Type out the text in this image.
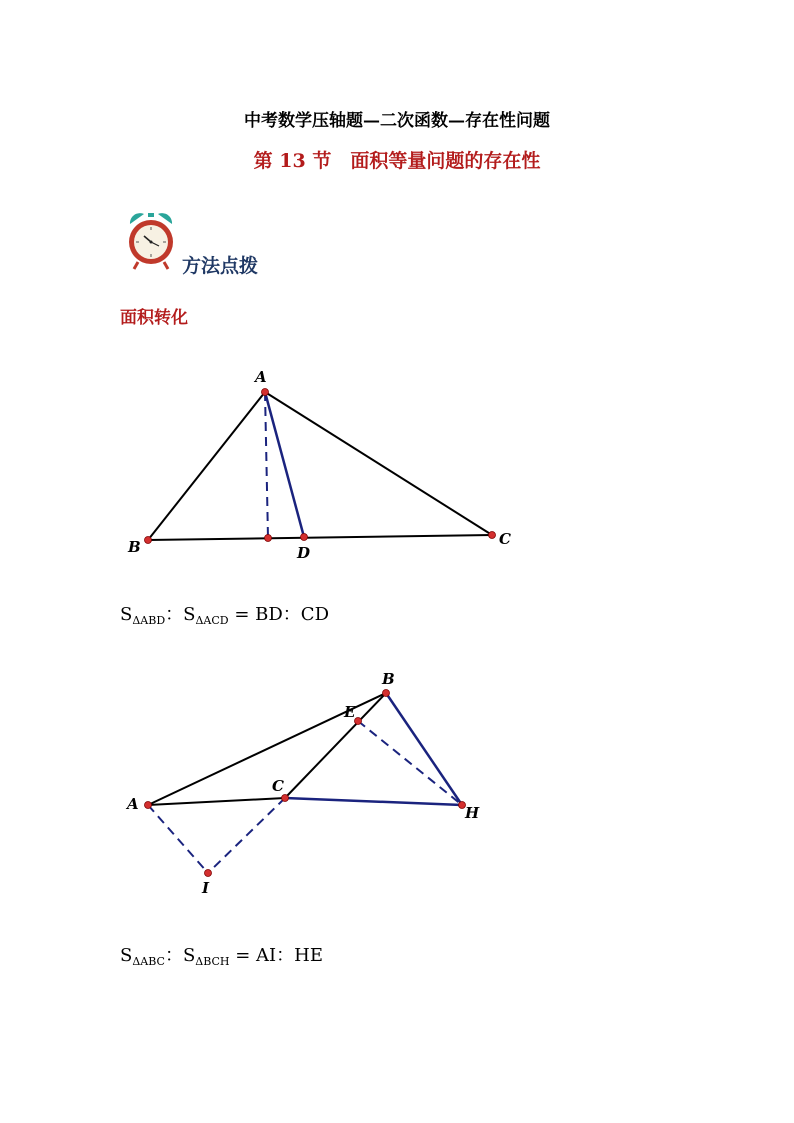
中考数学压轴题—二次函数—存在性问题
第 13 节　面积等量问题的存在性
方法点拨
面积转化
A
B	C
D
$S_{\Delta ABD}$：$S_{\Delta ACD}$ = BD：CD
A
B
C
E
H
I
$S_{\Delta ABC}$：$S_{\Delta BCH}$ = AI：HE
